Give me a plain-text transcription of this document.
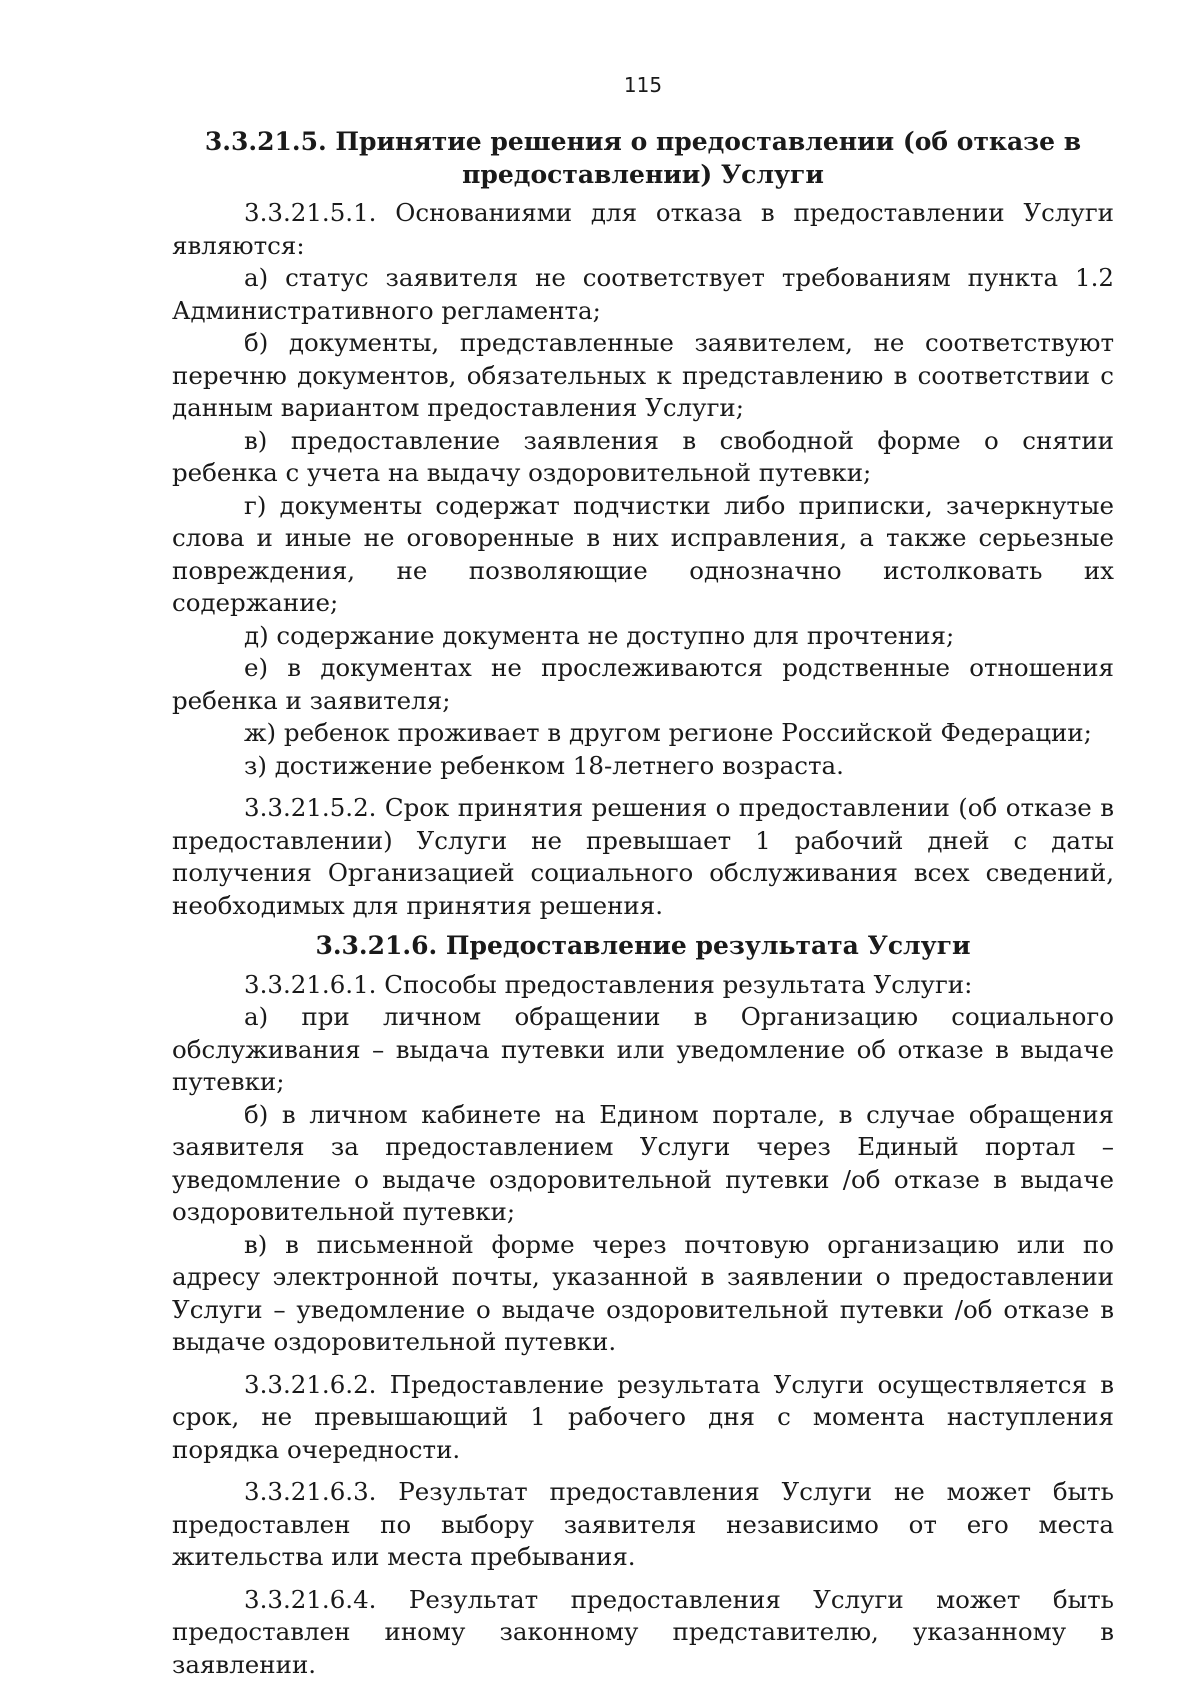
115
3.3.21.5. Принятие решения о предоставлении (об отказе в
предоставлении) Услуги

3.3.21.5.1. Основаниями для отказа в предоставлении Услуги являются:

а) статус заявителя не соответствует требованиям пункта 1.2 Административного регламента;

б) документы, представленные заявителем, не соответствуют перечню документов, обязательных к представлению в соответствии с данным вариантом предоставления Услуги;

в) предоставление заявления в свободной форме о снятии ребенка с учета на выдачу оздоровительной путевки;

г) документы содержат подчистки либо приписки, зачеркнутые слова и иные не оговоренные в них исправления, а также серьезные повреждения, не позволяющие однозначно истолковать их содержание;

д) содержание документа не доступно для прочтения;

е) в документах не прослеживаются родственные отношения ребенка и заявителя;

ж) ребенок проживает в другом регионе Российской Федерации;

з) достижение ребенком 18-летнего возраста.

3.3.21.5.2. Срок принятия решения о предоставлении (об отказе в предоставлении) Услуги не превышает 1 рабочий дней с даты получения Организацией социального обслуживания всех сведений, необходимых для принятия решения.

3.3.21.6. Предоставление результата Услуги

3.3.21.6.1. Способы предоставления результата Услуги:

а) при личном обращении в Организацию социального обслуживания – выдача путевки или уведомление об отказе в выдаче путевки;

б) в личном кабинете на Едином портале, в случае обращения заявителя за предоставлением Услуги через Единый портал – уведомление о выдаче оздоровительной путевки /об отказе в выдаче оздоровительной путевки;

в) в письменной форме через почтовую организацию или по адресу электронной почты, указанной в заявлении о предоставлении Услуги – уведомление о выдаче оздоровительной путевки /об отказе в выдаче оздоровительной путевки.

3.3.21.6.2. Предоставление результата Услуги осуществляется в срок, не превышающий 1 рабочего дня с момента наступления порядка очередности.

3.3.21.6.3. Результат предоставления Услуги не может быть предоставлен по выбору заявителя независимо от его места жительства или места пребывания.

3.3.21.6.4. Результат предоставления Услуги может быть предоставлен иному законному представителю, указанному в заявлении.
